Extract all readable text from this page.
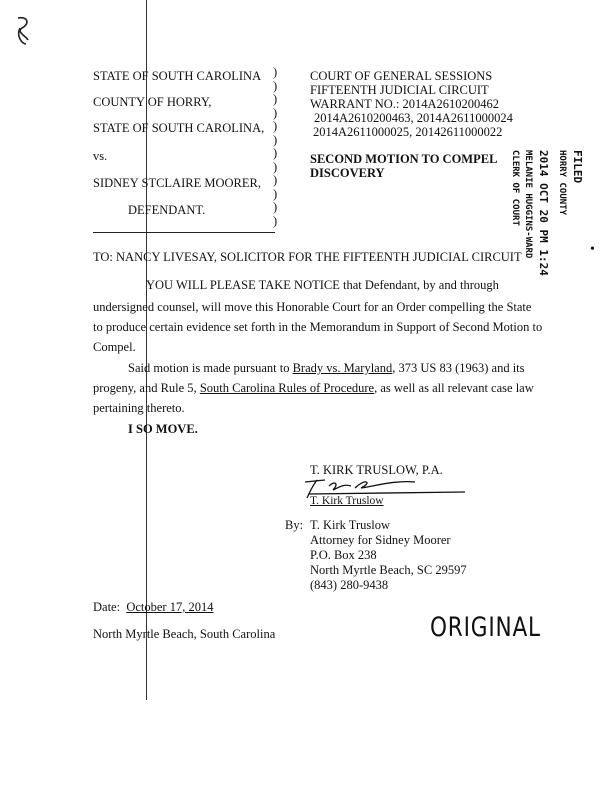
STATE OF SOUTH CAROLINA
COUNTY OF HORRY,
STATE OF SOUTH CAROLINA,
vs.
SIDNEY STCLAIRE MOORER,
DEFENDANT.
)
)
)
)
)
)
)
)
)
)
)
)
COURT OF GENERAL SESSIONS
FIFTEENTH JUDICIAL CIRCUIT
WARRANT NO.: 2014A2610200462
2014A2610200463, 2014A2611000024
2014A2611000025, 20142611000022
SECOND MOTION TO COMPEL
DISCOVERY	CLERK OF COURT MELANIE HUGGINS-WARD 2014 OCT 20 PM 1:24 HORRY COUNTY FILED
•
TO: NANCY LIVESAY, SOLICITOR FOR THE FIFTEENTH JUDICIAL CIRCUIT
YOU WILL PLEASE TAKE NOTICE that Defendant, by and through
undersigned counsel, will move this Honorable Court for an Order compelling the State
to produce certain evidence set forth in the Memorandum in Support of Second Motion to
Compel.
Said motion is made pursuant to Brady vs. Maryland, 373 US 83 (1963) and its
progeny, and Rule 5, South Carolina Rules of Procedure, as well as all relevant case law
pertaining thereto.
I SO MOVE.
T. KIRK TRUSLOW, P.A.
T. Kirk Truslow
By: T. Kirk Truslow
Attorney for Sidney Moorer
P.O. Box 238
North Myrtle Beach, SC 29597
(843) 280-9438
Date: October 17, 2014
North Myrtle Beach, South Carolina	ORIGINAL
